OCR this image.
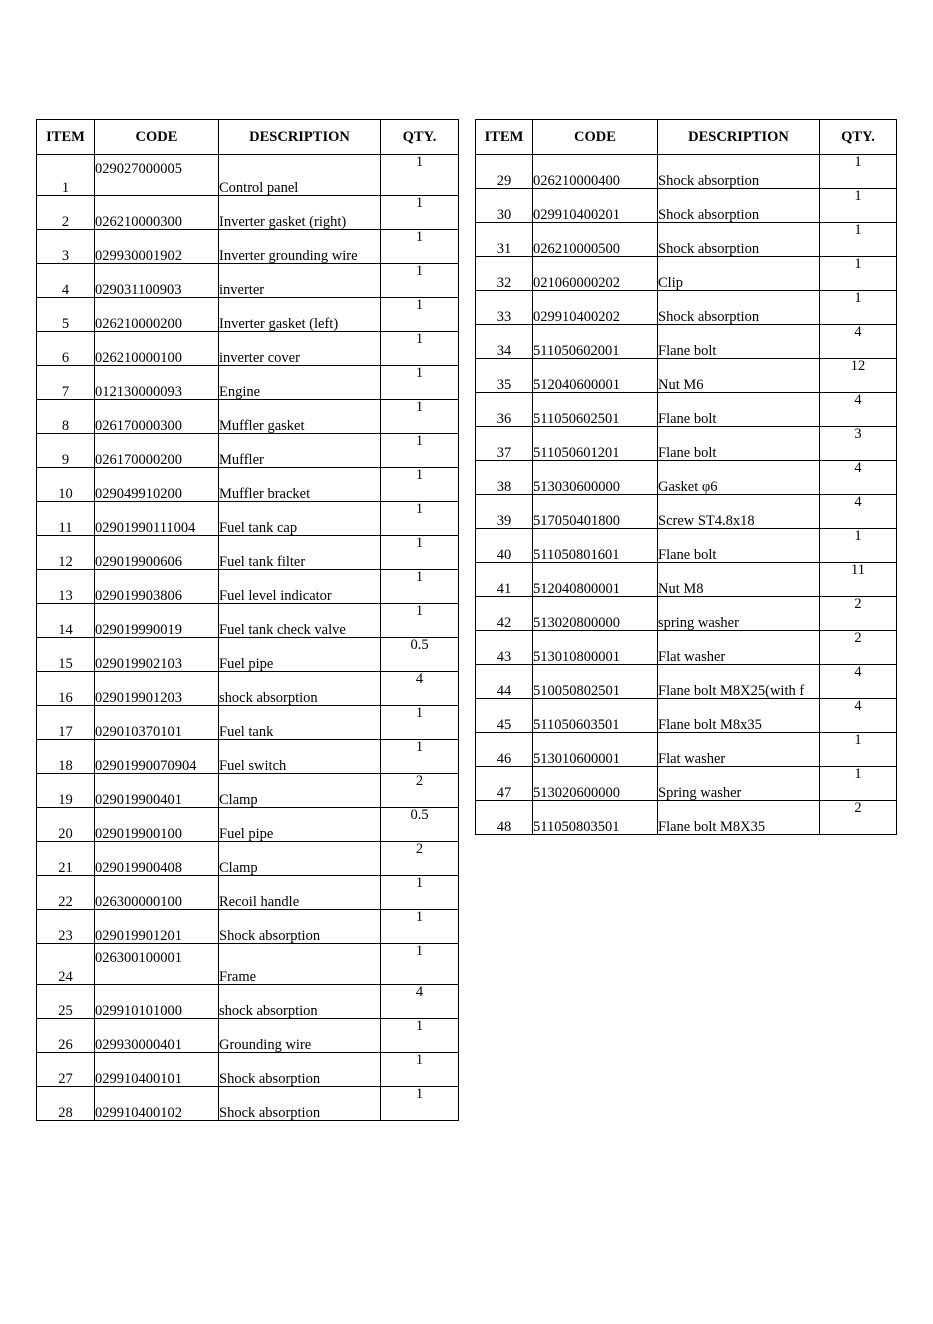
ITEM	CODE	DESCRIPTION	QTY.
1	029027000005	Control panel	1
2	026210000300	Inverter gasket (right)	1
3	029930001902	Inverter grounding wire	1
4	029031100903	inverter	1
5	026210000200	Inverter gasket (left)	1
6	026210000100	inverter cover	1
7	012130000093	Engine	1
8	026170000300	Muffler gasket	1
9	026170000200	Muffler	1
10	029049910200	Muffler bracket	1
11	02901990111004	Fuel tank cap	1
12	029019900606	Fuel tank filter	1
13	029019903806	Fuel level indicator	1
14	029019990019	Fuel tank check valve	1
15	029019902103	Fuel pipe	0.5
16	029019901203	shock absorption	4
17	029010370101	Fuel tank	1
18	02901990070904	Fuel switch	1
19	029019900401	Clamp	2
20	029019900100	Fuel pipe	0.5
21	029019900408	Clamp	2
22	026300000100	Recoil handle	1
23	029019901201	Shock absorption	1
24	026300100001	Frame	1
25	029910101000	shock absorption	4
26	029930000401	Grounding wire	1
27	029910400101	Shock absorption	1
28	029910400102	Shock absorption	1
ITEM	CODE	DESCRIPTION	QTY.
29	026210000400	Shock absorption	1
30	029910400201	Shock absorption	1
31	026210000500	Shock absorption	1
32	021060000202	Clip	1
33	029910400202	Shock absorption	1
34	511050602001	Flane bolt	4
35	512040600001	Nut M6	12
36	511050602501	Flane bolt	4
37	511050601201	Flane bolt	3
38	513030600000	Gasket φ6	4
39	517050401800	Screw ST4.8x18	4
40	511050801601	Flane bolt	1
41	512040800001	Nut M8	11
42	513020800000	spring washer	2
43	513010800001	Flat washer	2
44	510050802501	Flane bolt M8X25(with f	4
45	511050603501	Flane bolt M8x35	4
46	513010600001	Flat washer	1
47	513020600000	Spring washer	1
48	511050803501	Flane bolt M8X35	2
